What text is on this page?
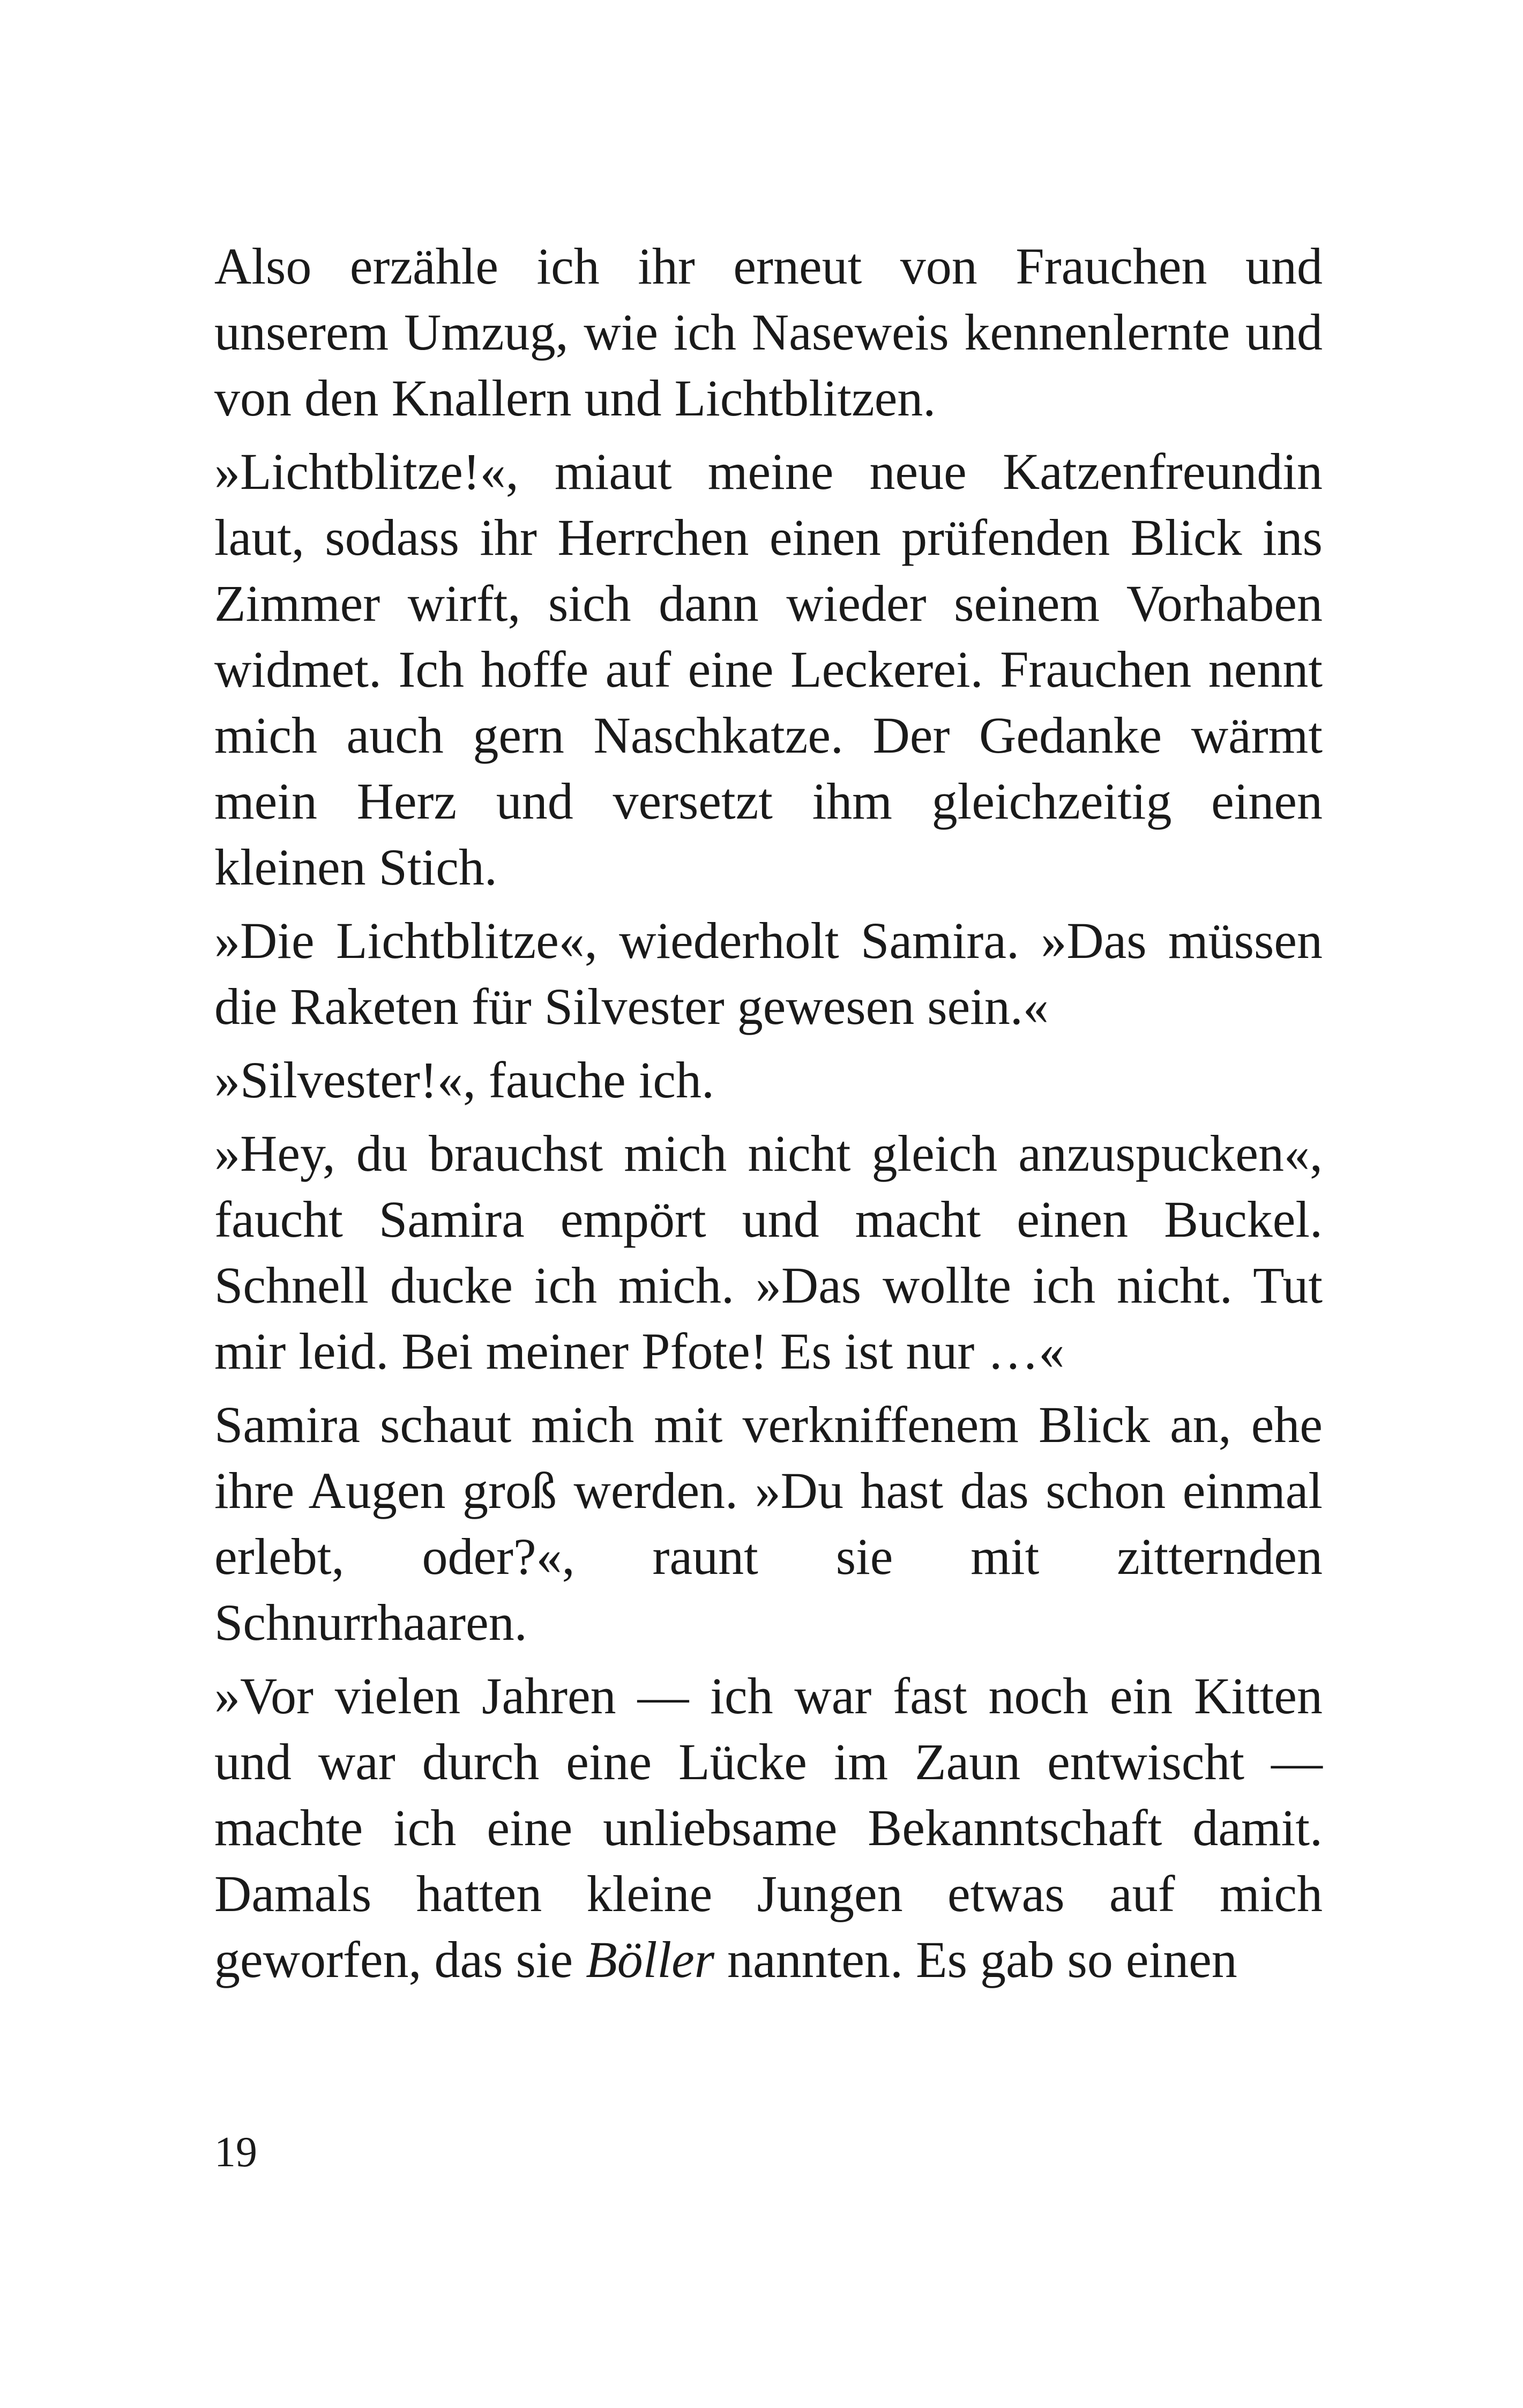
Also erzähle ich ihr erneut von Frauchen und unserem Umzug, wie ich Naseweis kennenlernte und von den Knallern und Lichtblitzen.

»Lichtblitze!«, miaut meine neue Katzenfreundin laut, sodass ihr Herrchen einen prüfenden Blick ins Zimmer wirft, sich dann wieder seinem Vorhaben widmet. Ich hoffe auf eine Leckerei. Frauchen nennt mich auch gern Naschkatze. Der Gedanke wärmt mein Herz und versetzt ihm gleichzeitig einen kleinen Stich.

»Die Lichtblitze«, wiederholt Samira. »Das müssen die Raketen für Silvester gewesen sein.«

»Silvester!«, fauche ich.

»Hey, du brauchst mich nicht gleich anzuspucken«, faucht Samira empört und macht einen Buckel. Schnell ducke ich mich. »Das wollte ich nicht. Tut mir leid. Bei meiner Pfote! Es ist nur …«

Samira schaut mich mit verkniffenem Blick an, ehe ihre Augen groß werden. »Du hast das schon einmal erlebt, oder?«, raunt sie mit zitternden Schnurrhaaren.

»Vor vielen Jahren — ich war fast noch ein Kitten und war durch eine Lücke im Zaun entwischt — machte ich eine unliebsame Bekanntschaft damit. Damals hatten kleine Jungen etwas auf mich geworfen, das sie Böller nannten. Es gab so einen

19
